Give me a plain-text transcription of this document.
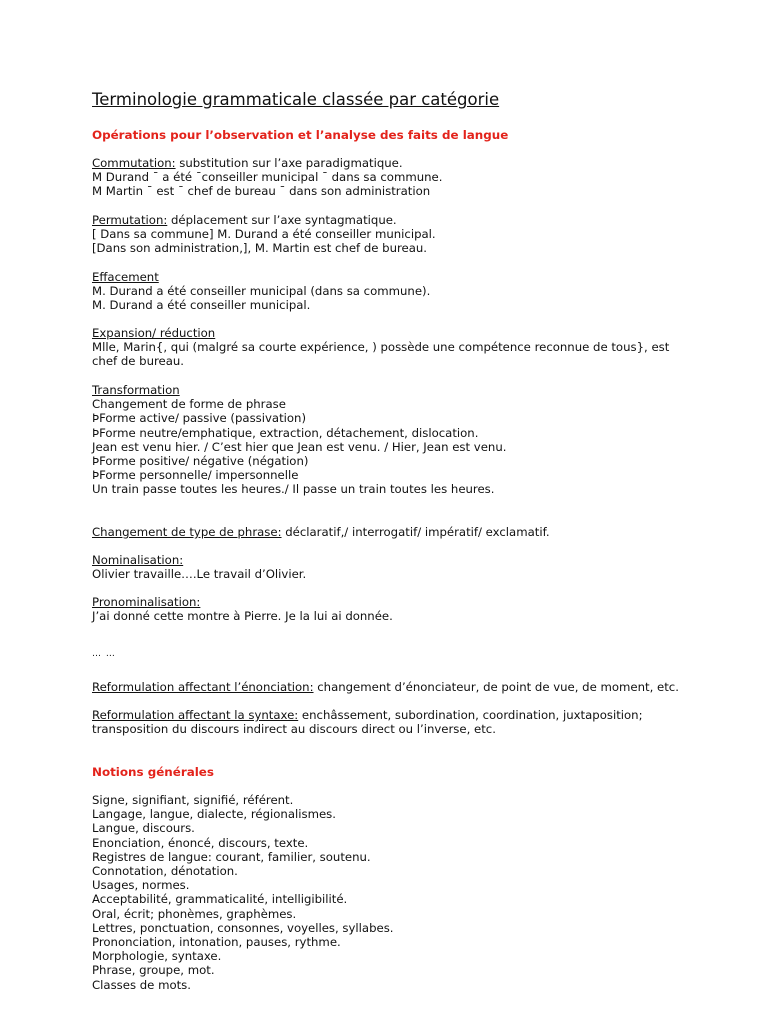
Terminologie grammaticale classée par catégorie
Opérations pour l’observation et l’analyse des faits de langue
Commutation: substitution sur l’axe paradigmatique.
M Durand ¯ a été ¯conseiller municipal ¯ dans sa commune.
M Martin ¯ est ¯ chef de bureau ¯ dans son administration
Permutation: déplacement sur l’axe syntagmatique.
[ Dans sa commune] M. Durand a été conseiller municipal.
[Dans son administration,], M. Martin est chef de bureau.
Effacement
M. Durand a été conseiller municipal (dans sa commune).
M. Durand a été conseiller municipal.
Expansion/ réduction
Mlle, Marin{, qui (malgré sa courte expérience, ) possède une compétence reconnue de tous}, est
chef de bureau.
Transformation
Changement de forme de phrase
ÞForme active/ passive (passivation)
ÞForme neutre/emphatique, extraction, détachement, dislocation.
Jean est venu hier. / C’est hier que Jean est venu. / Hier, Jean est venu.
ÞForme positive/ négative (négation)
ÞForme personnelle/ impersonnelle
Un train passe toutes les heures./ Il passe un train toutes les heures.
Changement de type de phrase: déclaratif,/ interrogatif/ impératif/ exclamatif.
Nominalisation:
Olivier travaille….Le travail d’Olivier.
Pronominalisation:
J’ai donné cette montre à Pierre. Je la lui ai donnée.
… …
Reformulation affectant l’énonciation: changement d’énonciateur, de point de vue, de moment, etc.
Reformulation affectant la syntaxe: enchâssement, subordination, coordination, juxtaposition;
transposition du discours indirect au discours direct ou l’inverse, etc.
Notions générales
Signe, signifiant, signifié, référent.
Langage, langue, dialecte, régionalismes.
Langue, discours.
Enonciation, énoncé, discours, texte.
Registres de langue: courant, familier, soutenu.
Connotation, dénotation.
Usages, normes.
Acceptabilité, grammaticalité, intelligibilité.
Oral, écrit; phonèmes, graphèmes.
Lettres, ponctuation, consonnes, voyelles, syllabes.
Prononciation, intonation, pauses, rythme.
Morphologie, syntaxe.
Phrase, groupe, mot.
Classes de mots.
